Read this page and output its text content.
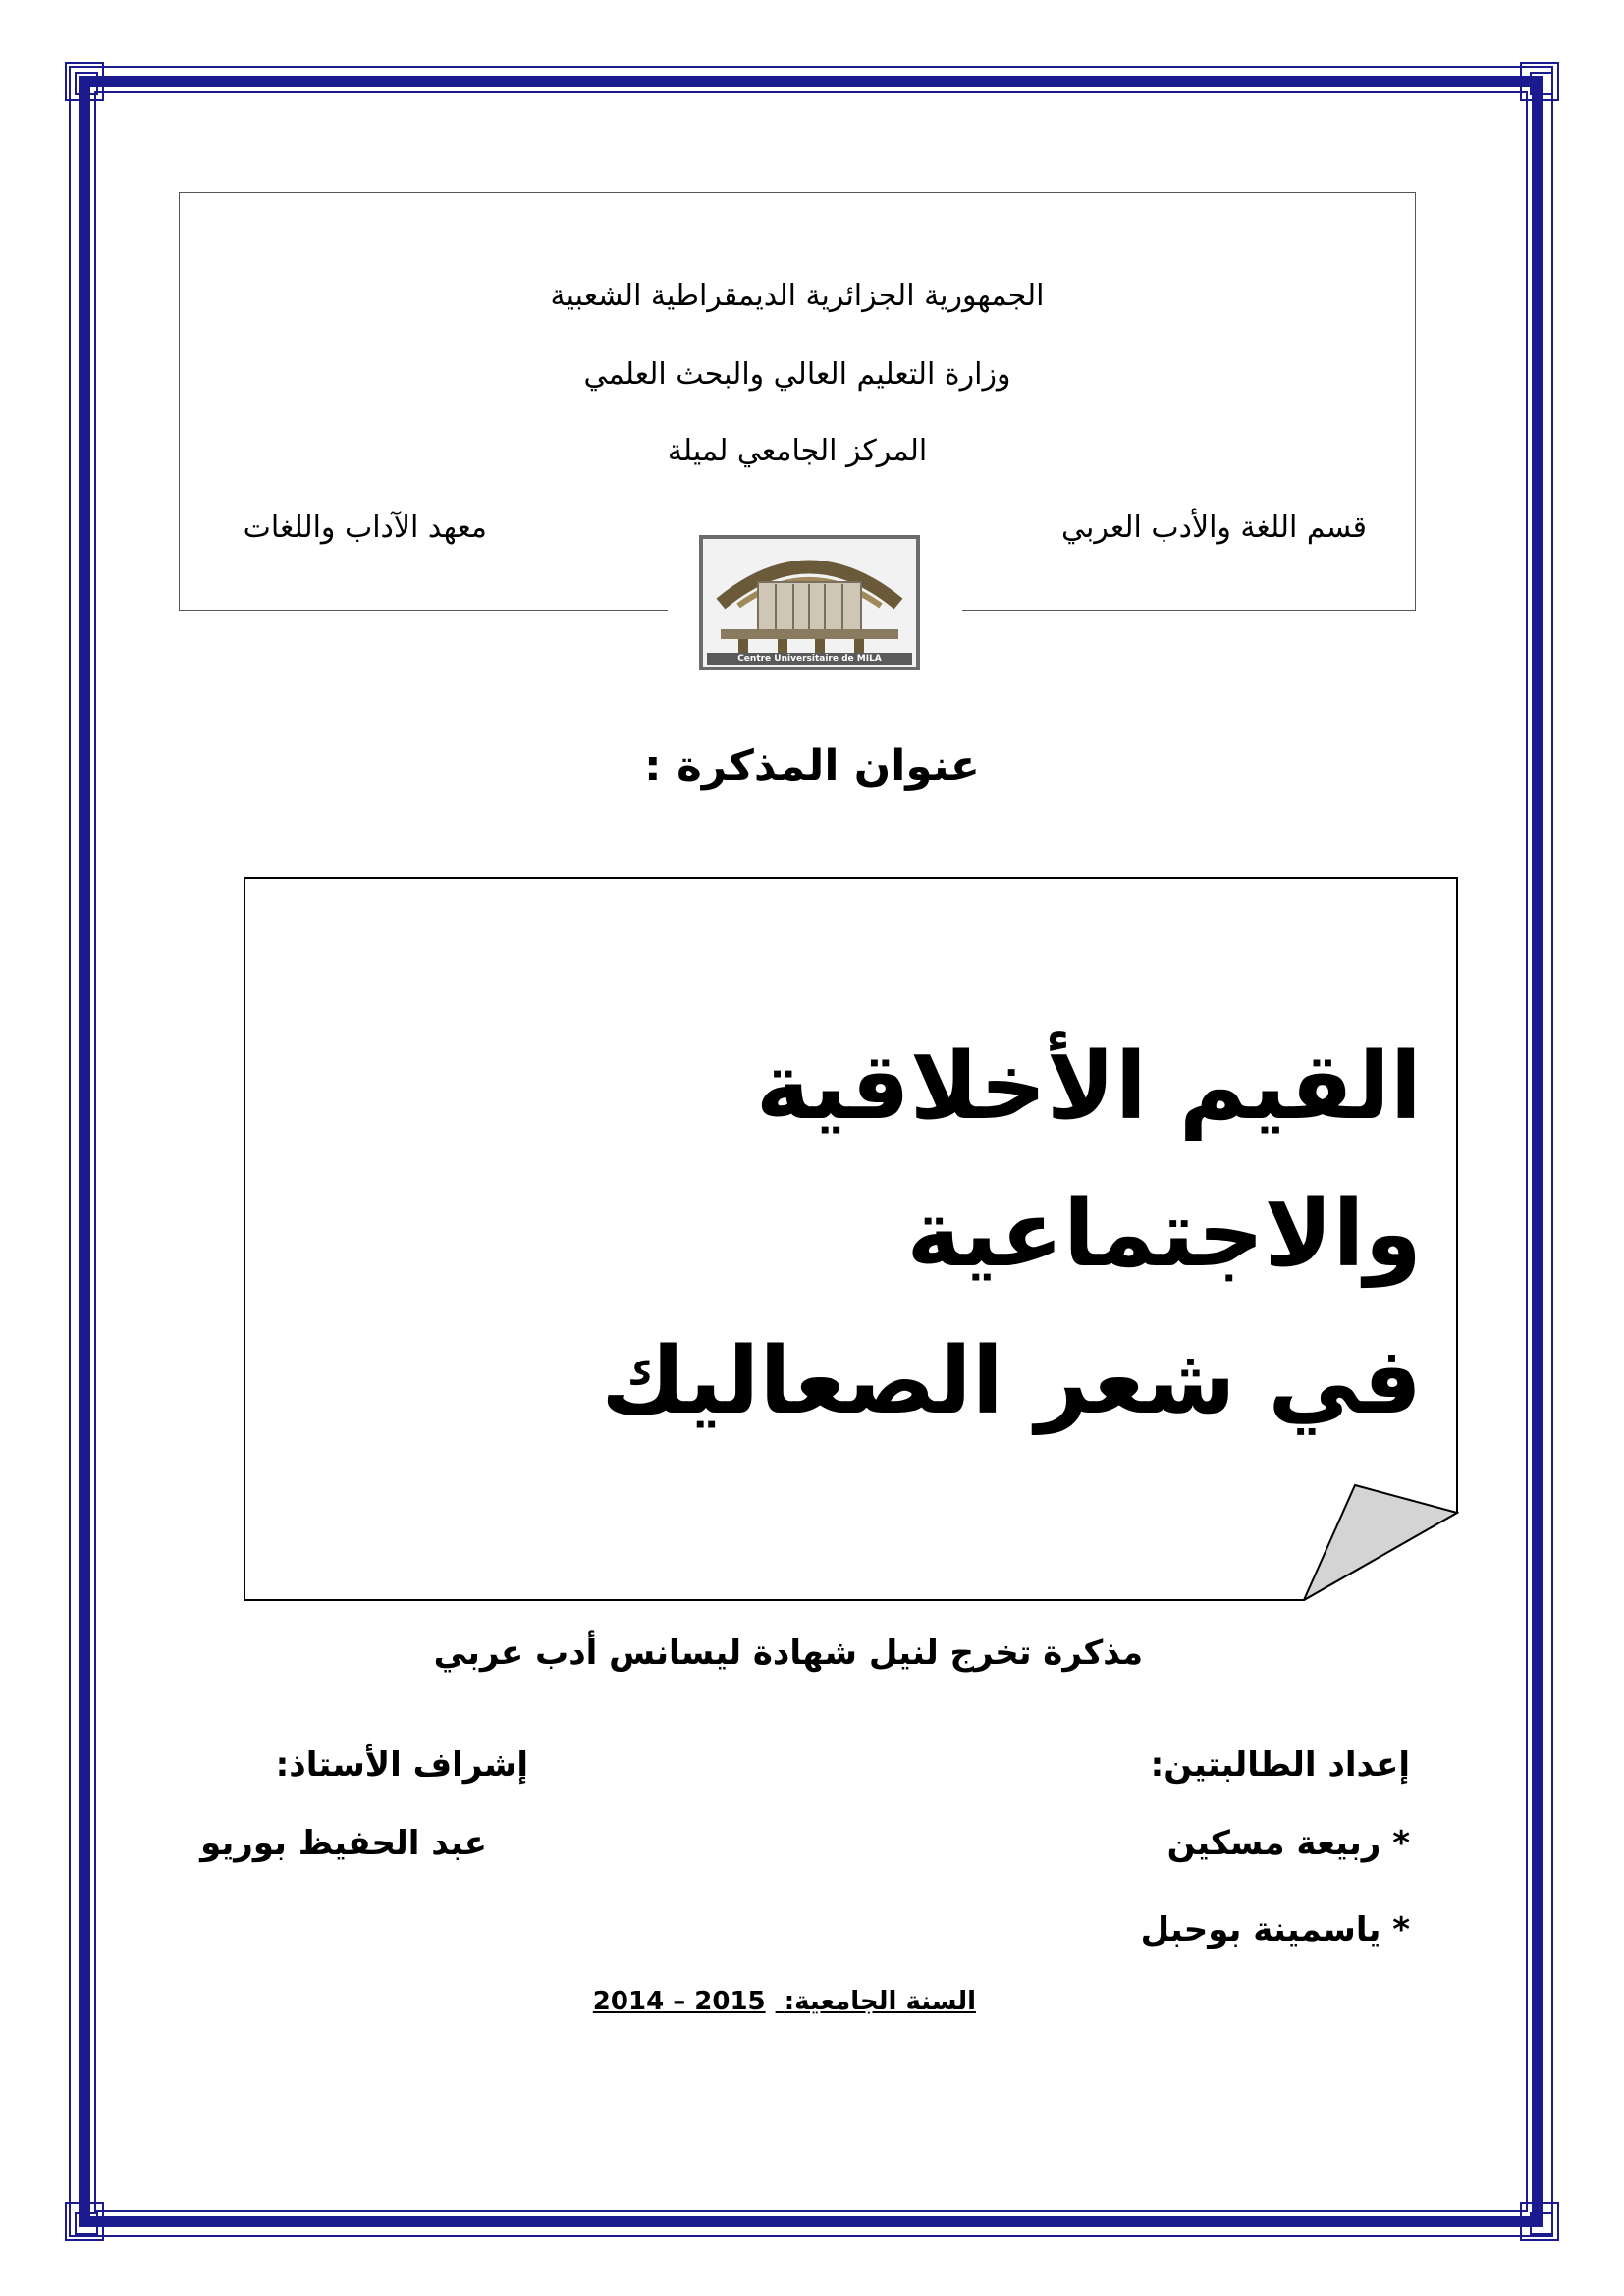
الجمهورية الجزائرية الديمقراطية الشعبية
وزارة التعليم العالي والبحث العلمي
المركز الجامعي لميلة
قسم اللغة والأدب العربي
معهد الآداب واللغات
Centre Universitaire de MILA
عنوان المذكرة :
القيم الأخلاقية والاجتماعية
في شعر الصعاليك
مذكرة تخرج لنيل شهادة ليسانس أدب عربي
إعداد الطالبتين:
* ربيعة مسكين
* ياسمينة بوحبل
إشراف الأستاذ:
عبد الحفيظ بوريو
السنة الجامعية: 2014 – 2015
